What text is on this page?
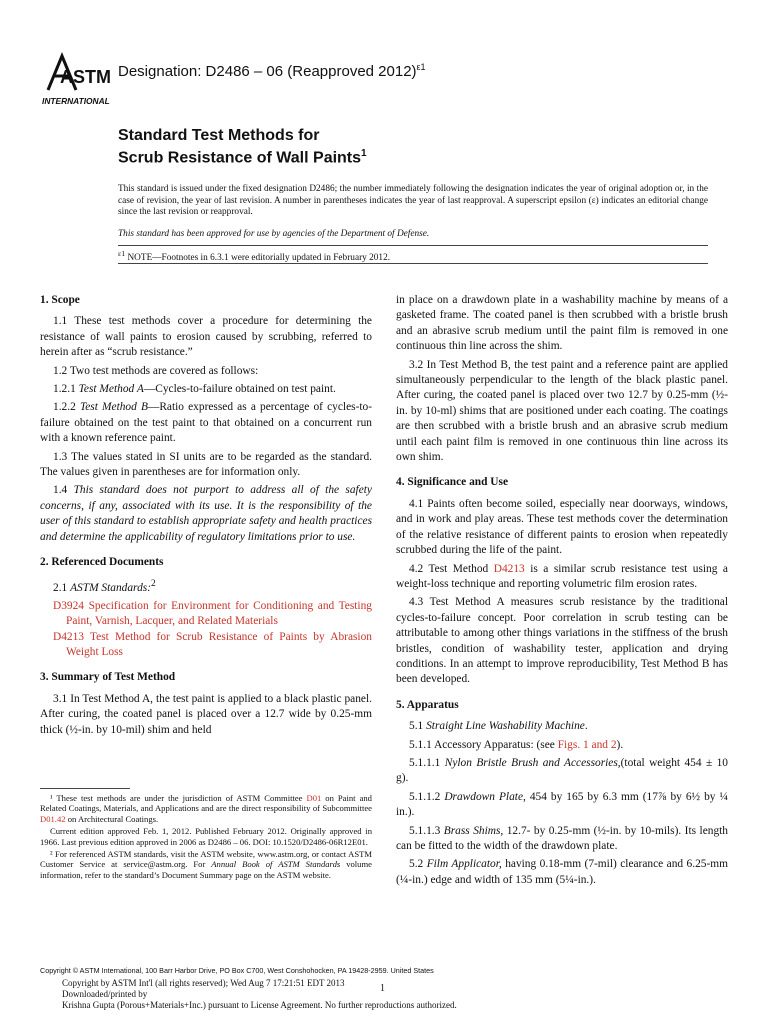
ASTM
INTERNATIONAL
Designation: D2486 – 06 (Reapproved 2012)$^{\varepsilon 1}$
Standard Test Methods for
Scrub Resistance of Wall Paints$^1$
This standard is issued under the fixed designation D2486; the number immediately following the designation indicates the year of original adoption or, in the case of revision, the year of last revision. A number in parentheses indicates the year of last reapproval. A superscript epsilon (ε) indicates an editorial change since the last revision or reapproval.
This standard has been approved for use by agencies of the Department of Defense.
$^{\varepsilon 1}$ NOTE—Footnotes in 6.3.1 were editorially updated in February 2012.

1. Scope

1.1 These test methods cover a procedure for determining the resistance of wall paints to erosion caused by scrubbing, referred to herein after as “scrub resistance.”

1.2 Two test methods are covered as follows:

1.2.1 Test Method A—Cycles-to-failure obtained on test paint.

1.2.2 Test Method B—Ratio expressed as a percentage of cycles-to-failure obtained on the test paint to that obtained on a concurrent run with a known reference paint.

1.3 The values stated in SI units are to be regarded as the standard. The values given in parentheses are for information only.

1.4 This standard does not purport to address all of the safety concerns, if any, associated with its use. It is the responsibility of the user of this standard to establish appropriate safety and health practices and determine the applicability of regulatory limitations prior to use.

2. Referenced Documents

2.1 ASTM Standards:$^2$

D3924 Specification for Environment for Conditioning and Testing Paint, Varnish, Lacquer, and Related Materials

D4213 Test Method for Scrub Resistance of Paints by Abrasion Weight Loss

3. Summary of Test Method

3.1 In Test Method A, the test paint is applied to a black plastic panel. After curing, the coated panel is placed over a 12.7 wide by 0.25-mm thick (½-in. by 10-mil) shim and held

¹ These test methods are under the jurisdiction of ASTM Committee D01 on Paint and Related Coatings, Materials, and Applications and are the direct responsibility of Subcommittee D01.42 on Architectural Coatings.

Current edition approved Feb. 1, 2012. Published February 2012. Originally approved in 1966. Last previous edition approved in 2006 as D2486 – 06. DOI: 10.1520/D2486-06R12E01.

² For referenced ASTM standards, visit the ASTM website, www.astm.org, or contact ASTM Customer Service at service@astm.org. For Annual Book of ASTM Standards volume information, refer to the standard’s Document Summary page on the ASTM website.

in place on a drawdown plate in a washability machine by means of a gasketed frame. The coated panel is then scrubbed with a bristle brush and an abrasive scrub medium until the paint film is removed in one continuous thin line across the shim.

3.2 In Test Method B, the test paint and a reference paint are applied simultaneously perpendicular to the length of the black plastic panel. After curing, the coated panel is placed over two 12.7 by 0.25-mm (½-in. by 10-ml) shims that are positioned under each coating. The coatings are then scrubbed with a bristle brush and an abrasive scrub medium until each paint film is removed in one continuous thin line across its own shim.

4. Significance and Use

4.1 Paints often become soiled, especially near doorways, windows, and in work and play areas. These test methods cover the determination of the relative resistance of different paints to erosion when repeatedly scrubbed during the life of the paint.

4.2 Test Method D4213 is a similar scrub resistance test using a weight-loss technique and reporting volumetric film erosion rates.

4.3 Test Method A measures scrub resistance by the traditional cycles-to-failure concept. Poor correlation in scrub testing can be attributable to among other things variations in the stiffness of the brush bristles, condition of washability tester, application and drying conditions. In an attempt to improve reproducibility, Test Method B has been developed.

5. Apparatus

5.1 Straight Line Washability Machine.

5.1.1 Accessory Apparatus: (see Figs. 1 and 2).

5.1.1.1 Nylon Bristle Brush and Accessories,(total weight 454 ± 10 g).

5.1.1.2 Drawdown Plate, 454 by 165 by 6.3 mm (17⅞ by 6½ by ¼ in.).

5.1.1.3 Brass Shims, 12.7- by 0.25-mm (½-in. by 10-mils). Its length can be fitted to the width of the drawdown plate.

5.2 Film Applicator, having 0.18-mm (7-mil) clearance and 6.25-mm (¼-in.) edge and width of 135 mm (5¼-in.).

Copyright © ASTM International, 100 Barr Harbor Drive, PO Box C700, West Conshohocken, PA 19428-2959. United States
Copyright by ASTM Int'l (all rights reserved); Wed Aug 7 17:21:51 EDT 2013
Downloaded/printed by
Krishna Gupta (Porous+Materials+Inc.) pursuant to License Agreement. No further reproductions authorized.
1
